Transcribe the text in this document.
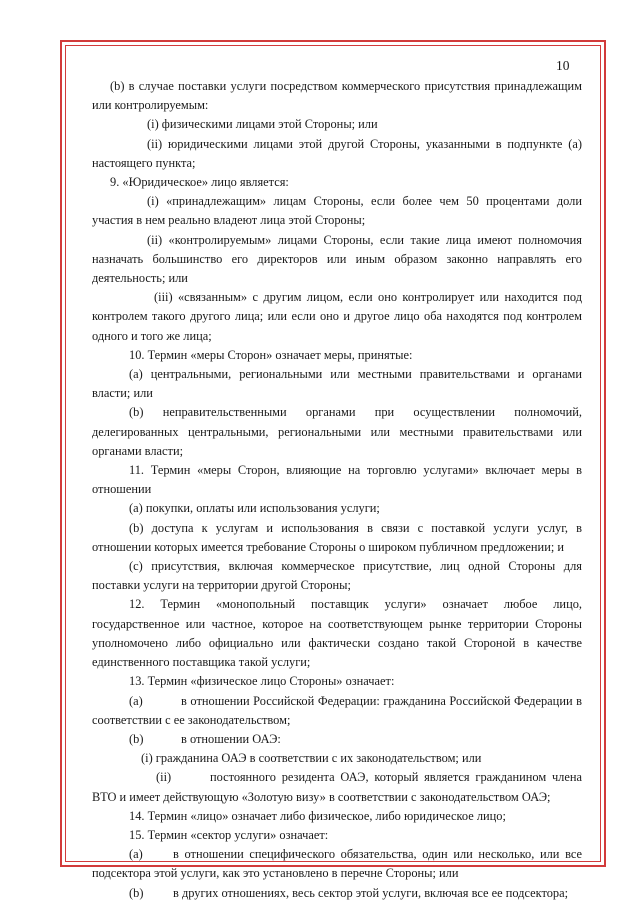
10

(b) в случае поставки услуги посредством коммерческого присутствия принадлежащим или контролируемым:

(i) физическими лицами этой Стороны; или

(ii) юридическими лицами этой другой Стороны, указанными в подпункте (а) настоящего пункта;

9. «Юридическое» лицо является:

(i) «принадлежащим» лицам Стороны, если более чем 50 процентами доли участия в нем реально владеют лица этой Стороны;

(ii) «контролируемым» лицами Стороны, если такие лица имеют полномочия назначать большинство его директоров или иным образом законно направлять его деятельность; или

(iii) «связанным» с другим лицом, если оно контролирует или находится под контролем такого другого лица; или если оно и другое лицо оба находятся под контролем одного и того же лица;

10. Термин «меры Сторон» означает меры, принятые:

(а) центральными, региональными или местными правительствами и органами власти; или

(b) неправительственными органами при осуществлении полномочий, делегированных центральными, региональными или местными правительствами или органами власти;

11. Термин «меры Сторон, влияющие на торговлю услугами» включает меры в отношении

(а) покупки, оплаты или использования услуги;

(b) доступа к услугам и использования в связи с поставкой услуги услуг, в отношении которых имеется требование Стороны о широком публичном предложении; и

(с) присутствия, включая коммерческое присутствие, лиц одной Стороны для поставки услуги на территории другой Стороны;

12. Термин «монопольный поставщик услуги» означает любое лицо, государственное или частное, которое на соответствующем рынке территории Стороны уполномочено либо официально или фактически создано такой Стороной в качестве единственного поставщика такой услуги;

13. Термин «физическое лицо Стороны» означает:

(а)	в отношении Российской Федерации: гражданина Российской Федерации в соответствии с ее законодательством;

(b)	в отношении ОАЭ:

(i) гражданина ОАЭ в соответствии с их законодательством; или

(ii)	постоянного резидента ОАЭ, который является гражданином члена ВТО и имеет действующую «Золотую визу» в соответствии с законодательством ОАЭ;

14. Термин «лицо» означает либо физическое, либо юридическое лицо;

15. Термин «сектор услуги» означает:

(а) в отношении специфического обязательства, один или несколько, или все подсектора этой услуги, как это установлено в перечне Стороны; или

(b) в других отношениях, весь сектор этой услуги, включая все ее подсектора;
